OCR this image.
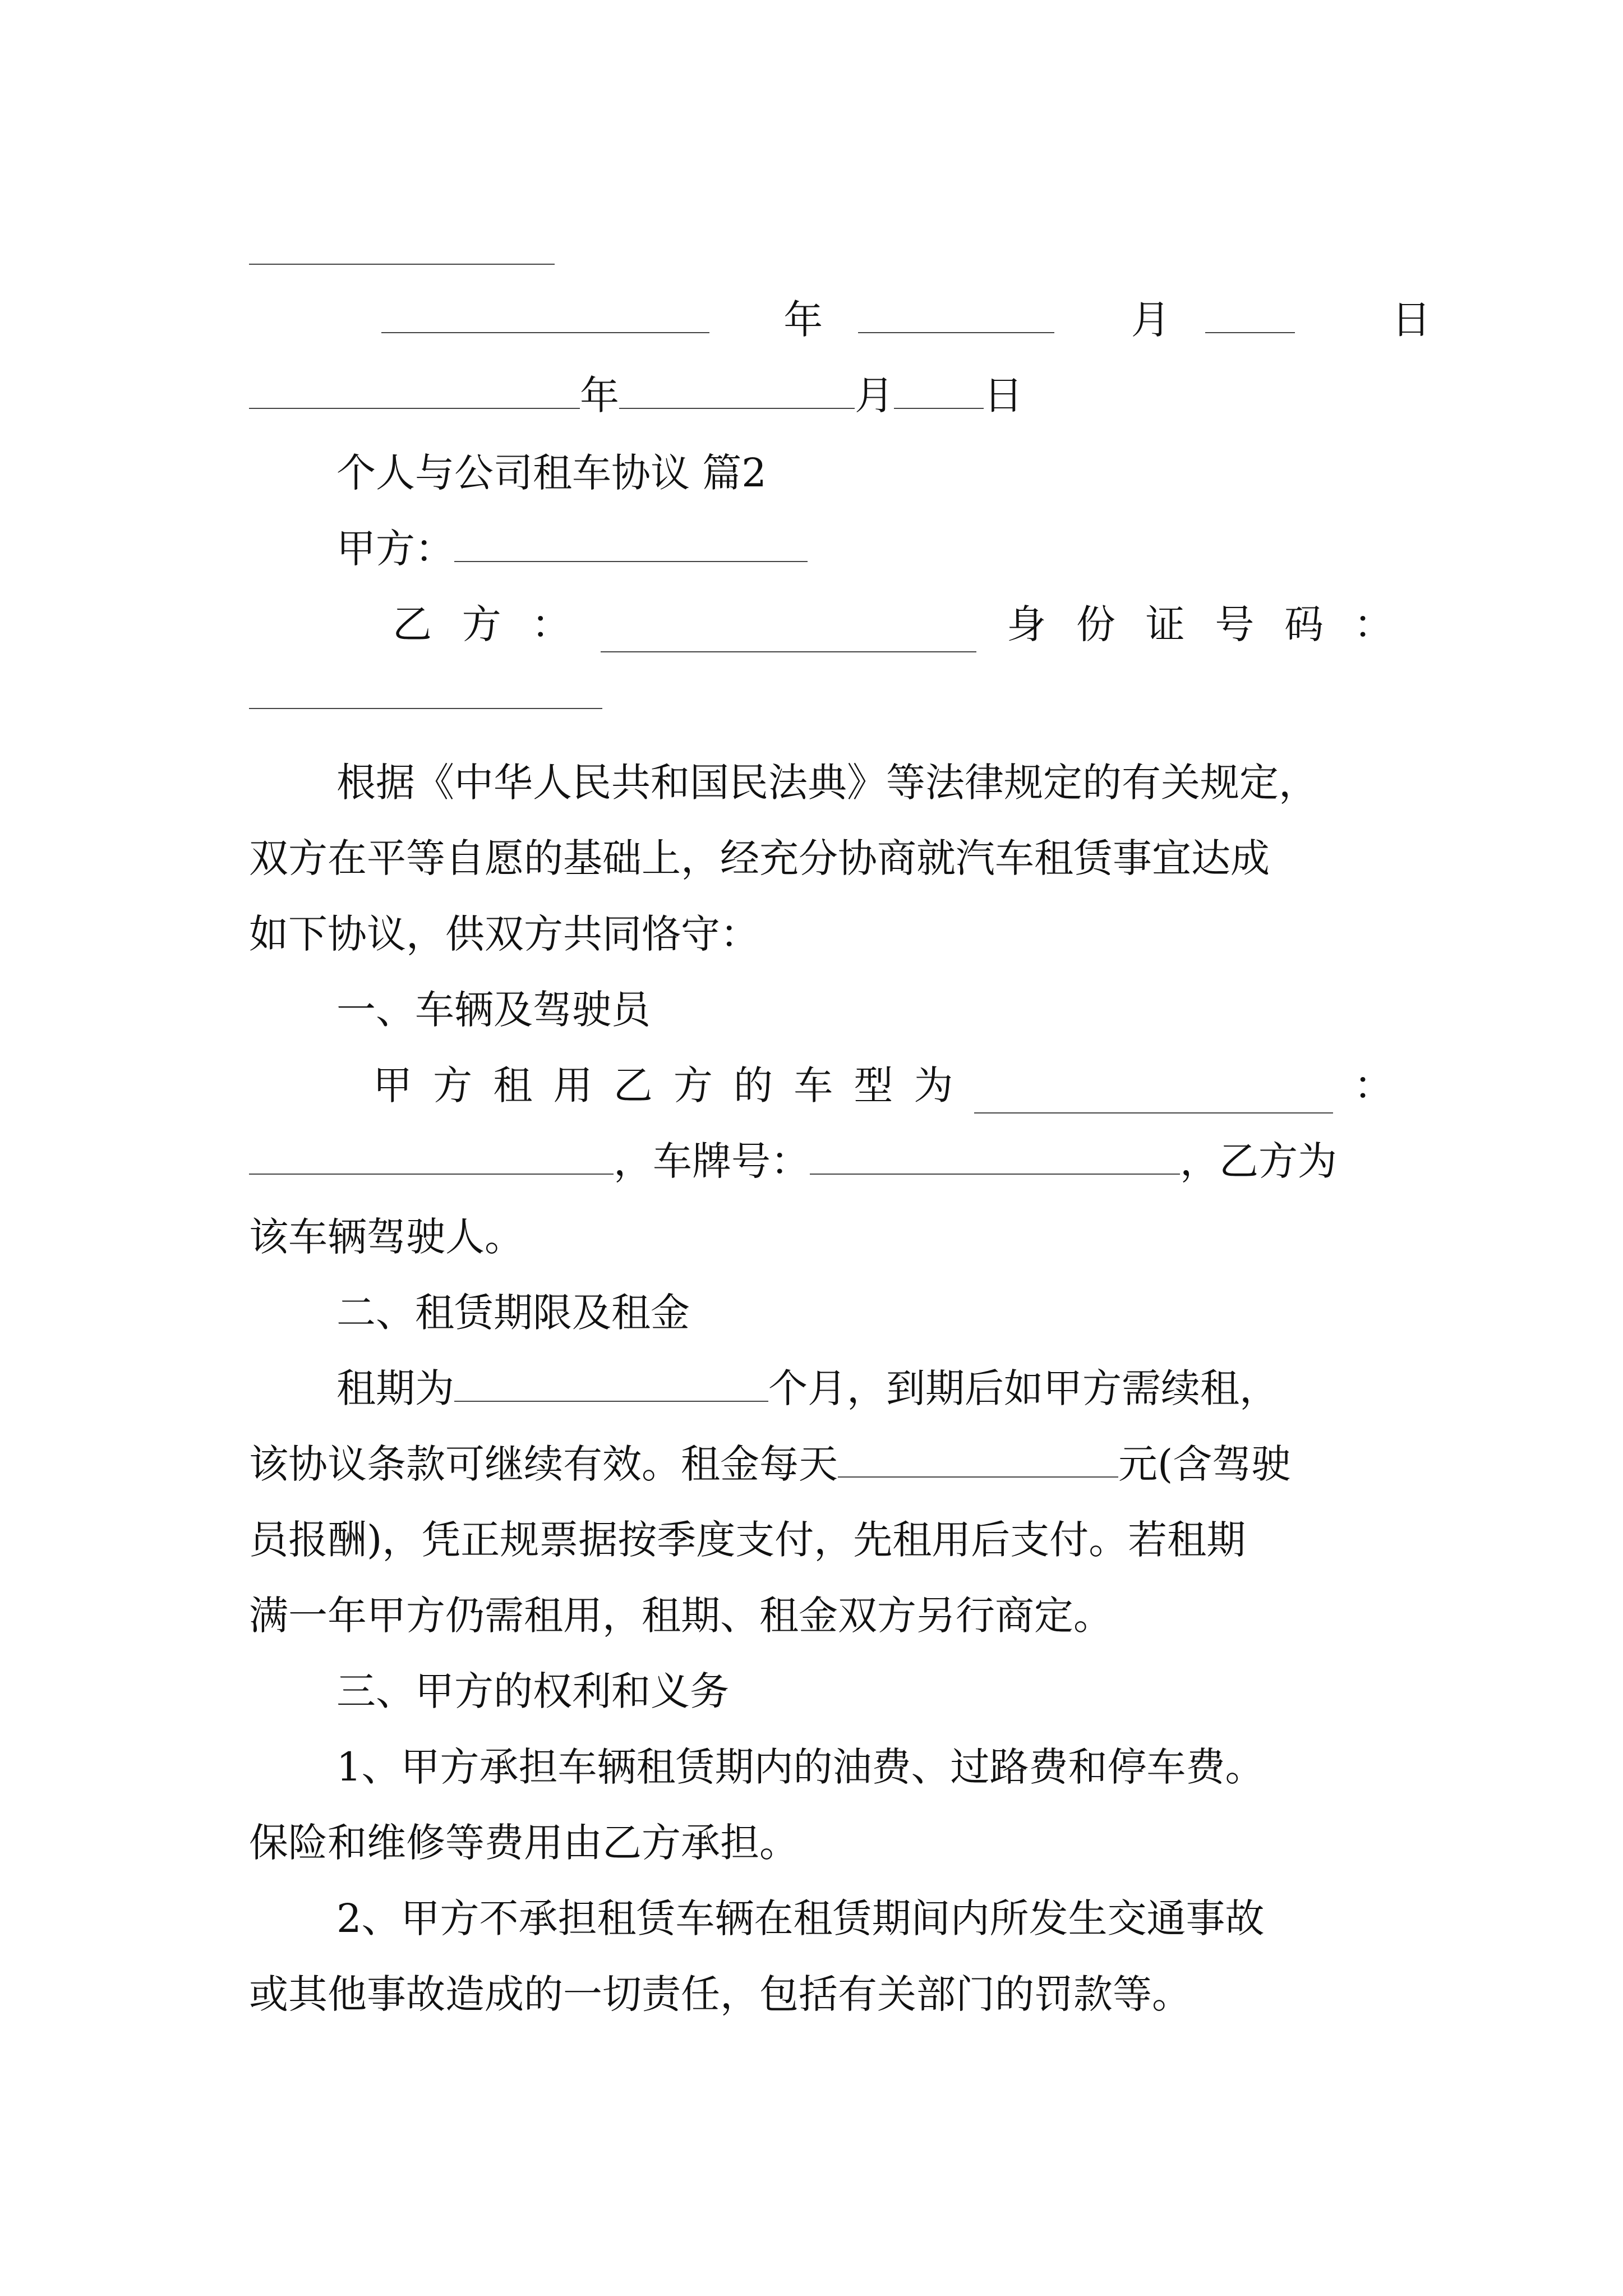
年	月	日
年	月 日
个人与公司租车协议 篇2
甲方：
乙 方 ：	身 份 证 号 码 ：
根据《中华人民共和国民法典》等法律规定的有关规定，
双方在平等自愿的基础上，经充分协商就汽车租赁事宜达成
如下协议，供双方共同恪守：
一、车辆及驾驶员
甲 方 租 用 乙 方 的 车 型 为	：
，车牌号：	，乙方为
该车辆驾驶人。
二、租赁期限及租金
租期为	个月，到期后如甲方需续租，
该协议条款可继续有效。租金每天	元(含驾驶
员报酬)，凭正规票据按季度支付，先租用后支付。若租期
满一年甲方仍需租用，租期、租金双方另行商定。
三、甲方的权利和义务
1、甲方承担车辆租赁期内的油费、过路费和停车费。
保险和维修等费用由乙方承担。
2、甲方不承担租赁车辆在租赁期间内所发生交通事故
或其他事故造成的一切责任，包括有关部门的罚款等。
